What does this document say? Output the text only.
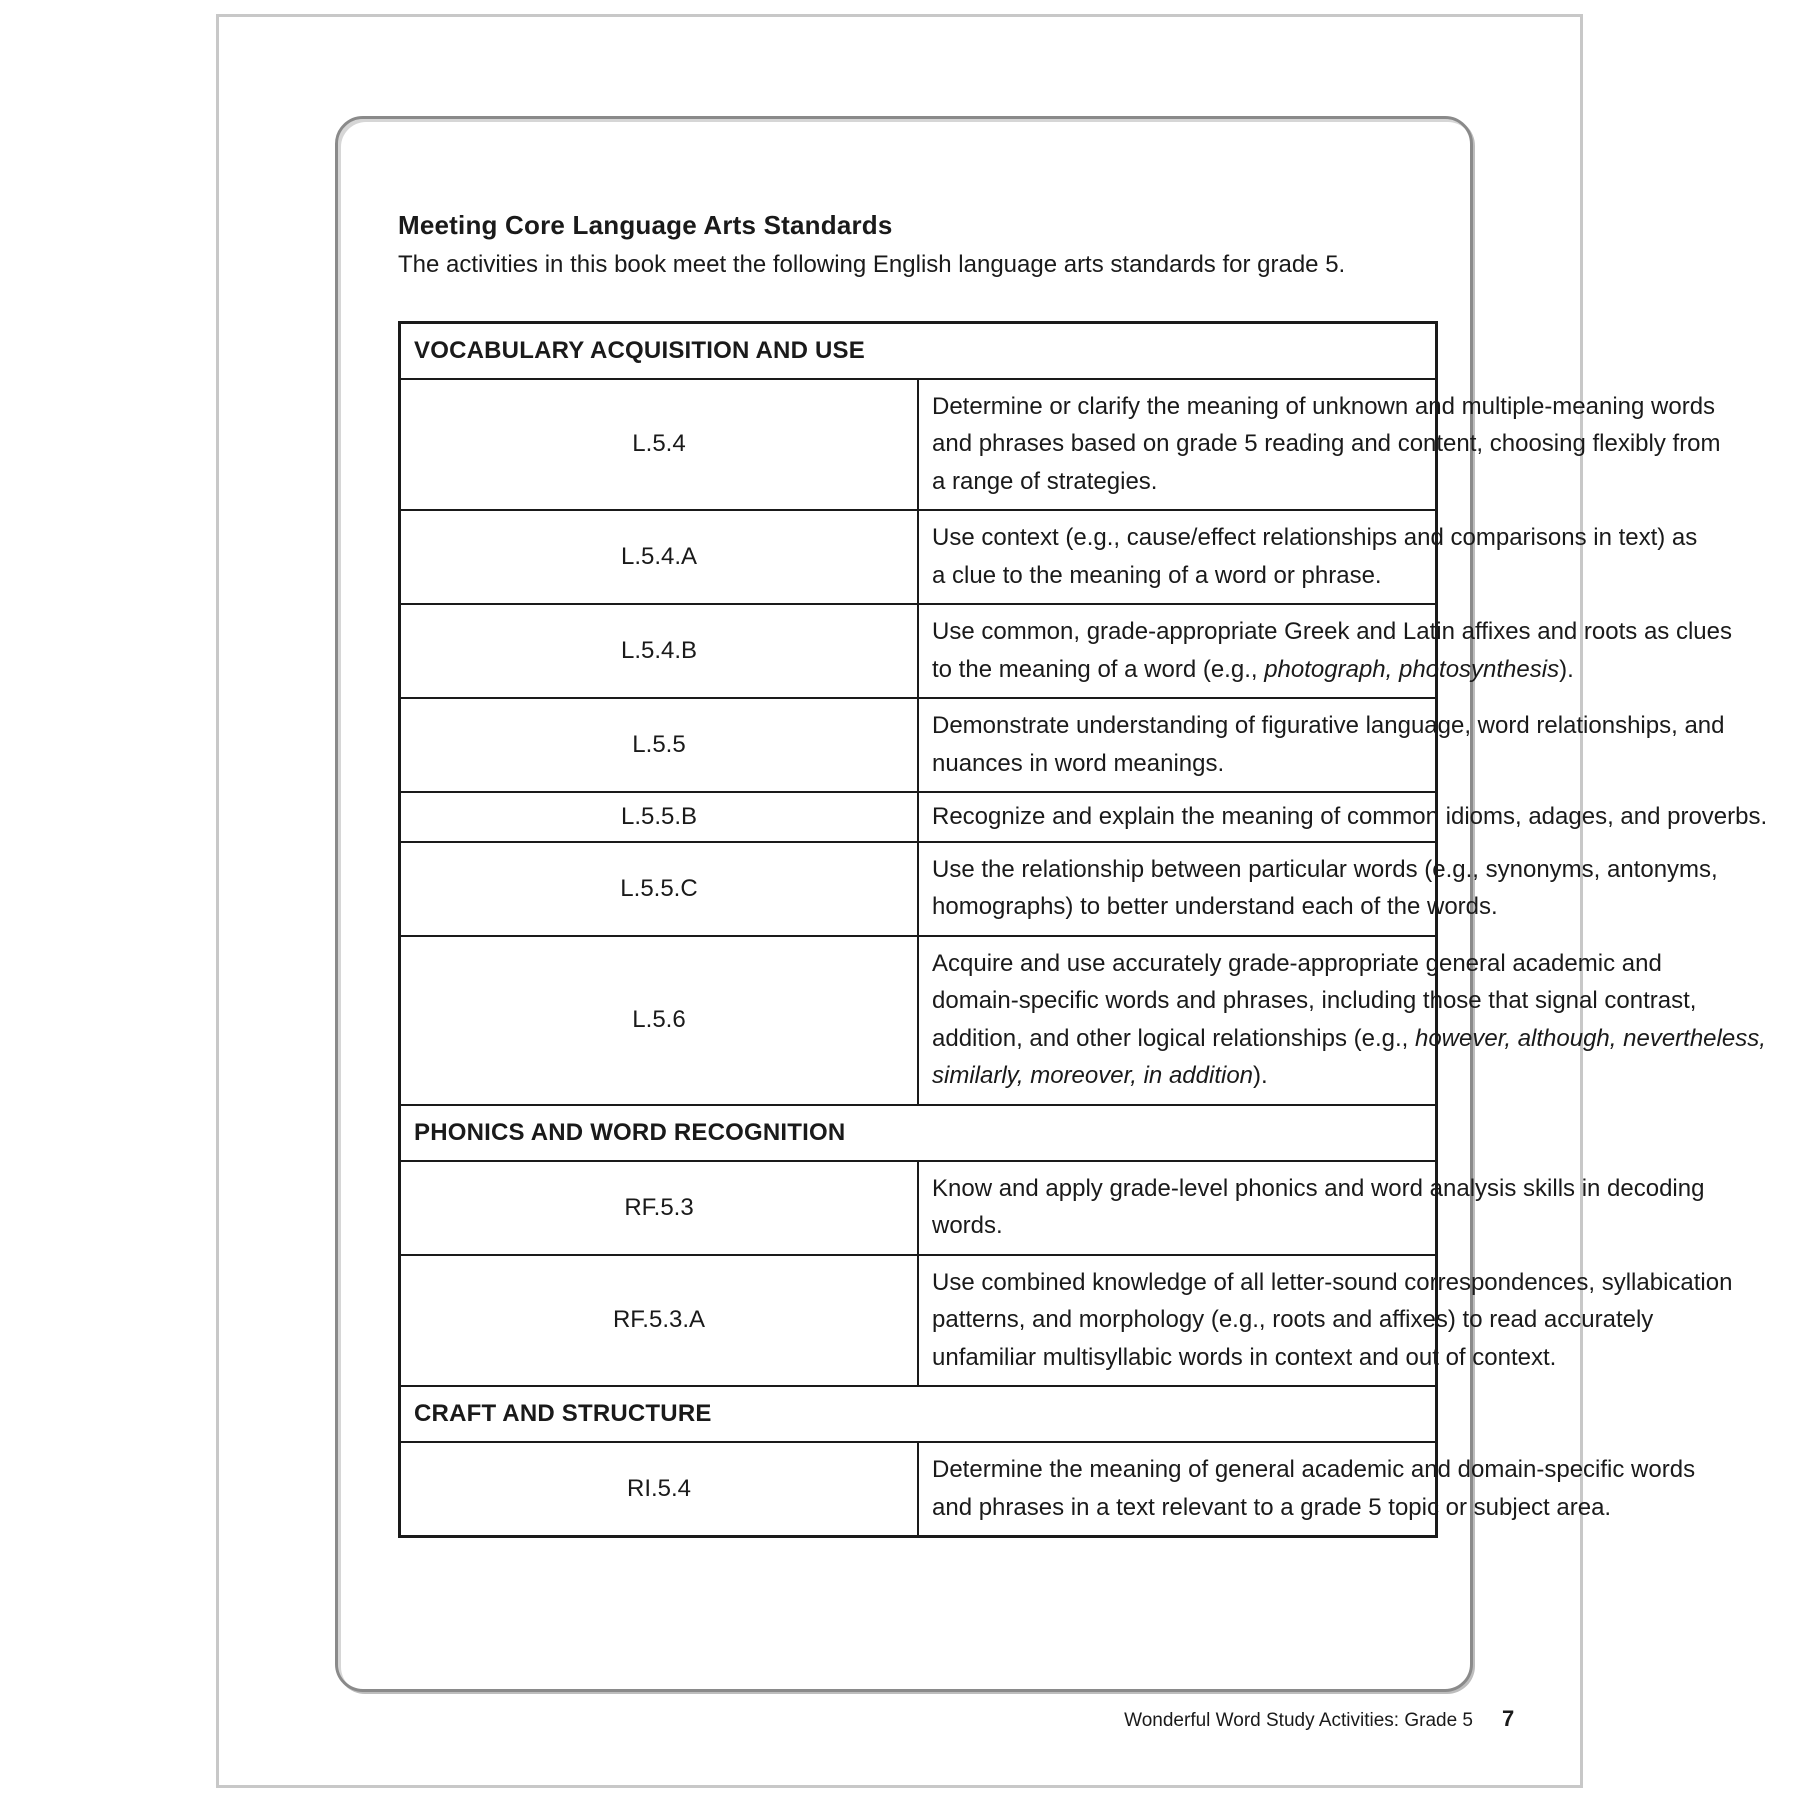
Meeting Core Language Arts Standards

The activities in this book meet the following English language arts standards for grade 5.

VOCABULARY ACQUISITION AND USE	
L.5.4	Determine or clarify the meaning of unknown and multiple-meaning words
and phrases based on grade 5 reading and content, choosing flexibly from
a range of strategies.

L.5.4.A	Use context (e.g., cause/effect relationships and comparisons in text) as
a clue to the meaning of a word or phrase.

L.5.4.B	Use common, grade-appropriate Greek and Latin affixes and roots as clues
to the meaning of a word (e.g., photograph, photosynthesis).

L.5.5	Demonstrate understanding of figurative language, word relationships, and
nuances in word meanings.

L.5.5.B	Recognize and explain the meaning of common idioms, adages, and proverbs.

L.5.5.C	Use the relationship between particular words (e.g., synonyms, antonyms,
homographs) to better understand each of the words.

L.5.6	Acquire and use accurately grade-appropriate general academic and
domain-specific words and phrases, including those that signal contrast,
addition, and other logical relationships (e.g., however, although, nevertheless,
similarly, moreover, in addition).

PHONICS AND WORD RECOGNITION	
RF.5.3	Know and apply grade-level phonics and word analysis skills in decoding
words.

RF.5.3.A	Use combined knowledge of all letter-sound correspondences, syllabication
patterns, and morphology (e.g., roots and affixes) to read accurately
unfamiliar multisyllabic words in context and out of context.

CRAFT AND STRUCTURE	
RI.5.4	Determine the meaning of general academic and domain-specific words
and phrases in a text relevant to a grade 5 topic or subject area.
Wonderful Word Study Activities: Grade 5 7
